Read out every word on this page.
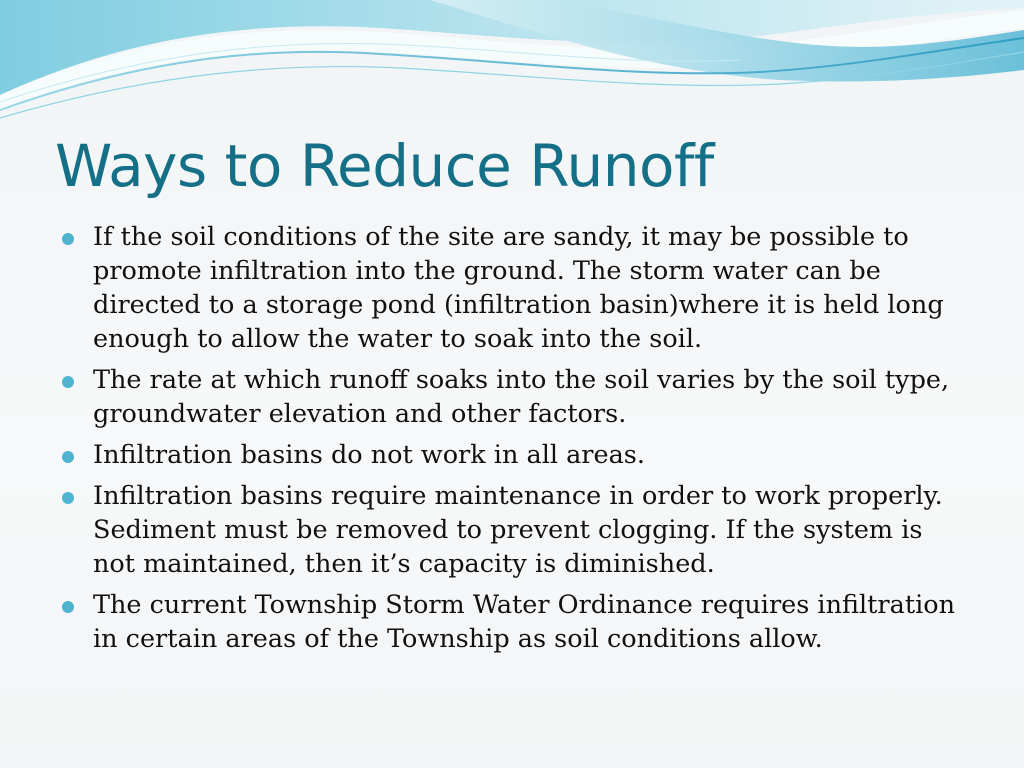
Ways to Reduce Runoff
If the soil conditions of the site are sandy, it may be possible to promote infiltration into the ground. The storm water can be directed to a storage pond (infiltration basin)where it is held long enough to allow the water to soak into the soil.
The rate at which runoff soaks into the soil varies by the soil type, groundwater elevation and other factors.
Infiltration basins do not work in all areas.
Infiltration basins require maintenance in order to work properly. Sediment must be removed to prevent clogging. If the system is not maintained, then it’s capacity is diminished.
The current Township Storm Water Ordinance requires infiltration in certain areas of the Township as soil conditions allow.
